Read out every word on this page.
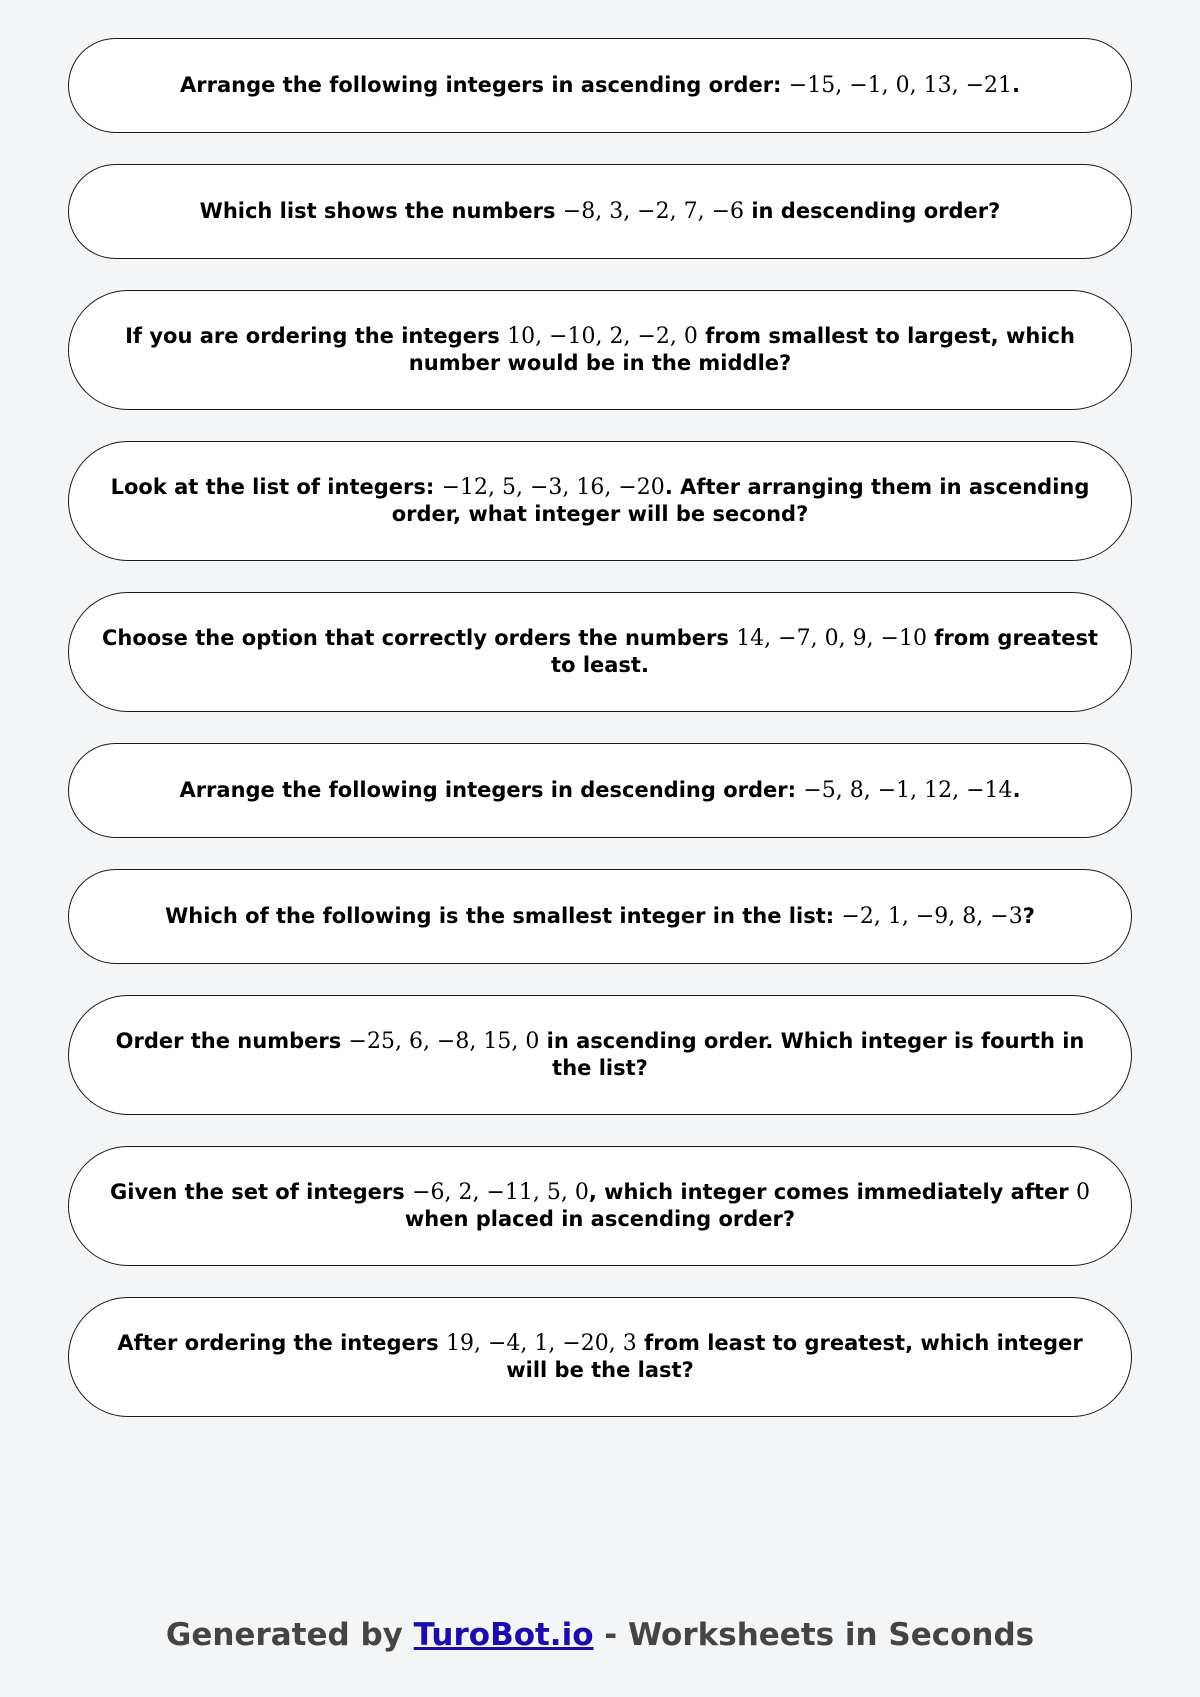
Arrange the following integers in ascending order: −15, −1, 0, 13, −21.
Which list shows the numbers −8, 3, −2, 7, −6 in descending order?
If you are ordering the integers 10, −10, 2, −2, 0 from smallest to largest, which number would be in the middle?
Look at the list of integers: −12, 5, −3, 16, −20. After arranging them in ascending order, what integer will be second?
Choose the option that correctly orders the numbers 14, −7, 0, 9, −10 from greatest to least.
Arrange the following integers in descending order: −5, 8, −1, 12, −14.
Which of the following is the smallest integer in the list: −2, 1, −9, 8, −3?
Order the numbers −25, 6, −8, 15, 0 in ascending order. Which integer is fourth in the list?
Given the set of integers −6, 2, −11, 5, 0, which integer comes immediately after 0 when placed in ascending order?
After ordering the integers 19, −4, 1, −20, 3 from least to greatest, which integer will be the last?
Generated by TuroBot.io - Worksheets in Seconds
